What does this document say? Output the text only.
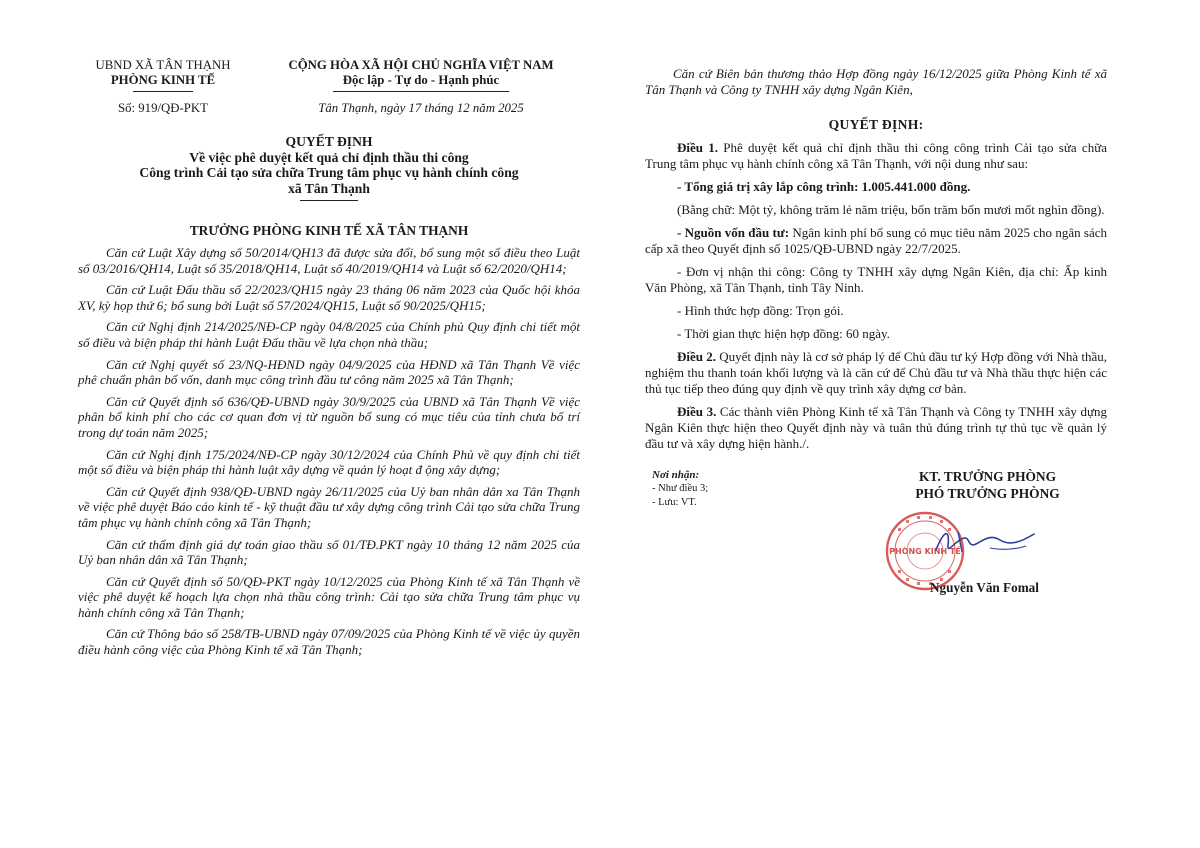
UBND XÃ TÂN THẠNH
PHÒNG KINH TẾ
Số: 919/QĐ-PKT
CỘNG HÒA XÃ HỘI CHỦ NGHĨA VIỆT NAM
Độc lập - Tự do - Hạnh phúc
Tân Thạnh, ngày 17 tháng 12 năm 2025
QUYẾT ĐỊNH
Về việc phê duyệt kết quả chỉ định thầu thi công
Công trình Cải tạo sửa chữa Trung tâm phục vụ hành chính công
xã Tân Thạnh
TRƯỞNG PHÒNG KINH TẾ XÃ TÂN THẠNH

Căn cứ Luật Xây dựng số 50/2014/QH13 đã được sửa đổi, bổ sung một số điều theo Luật số 03/2016/QH14, Luật số 35/2018/QH14, Luật số 40/2019/QH14 và Luật số 62/2020/QH14;

Căn cứ Luật Đấu thầu số 22/2023/QH15 ngày 23 tháng 06 năm 2023 của Quốc hội khóa XV, kỳ họp thứ 6; bổ sung bởi Luật số 57/2024/QH15, Luật số 90/2025/QH15;

Căn cứ Nghị định 214/2025/NĐ-CP ngày 04/8/2025 của Chính phủ Quy định chi tiết một số điều và biện pháp thi hành Luật Đấu thầu về lựa chọn nhà thầu;

Căn cứ Nghị quyết số 23/NQ-HĐND ngày 04/9/2025 của HĐND xã Tân Thạnh Về việc phê chuẩn phân bổ vốn, danh mục công trình đầu tư công năm 2025 xã Tân Thạnh;

Căn cứ Quyết định số 636/QĐ-UBND ngày 30/9/2025 của UBND xã Tân Thạnh Về việc phân bổ kinh phí cho các cơ quan đơn vị từ nguồn bổ sung có mục tiêu của tỉnh chưa bố trí trong dự toán năm 2025;

Căn cứ Nghị định 175/2024/NĐ-CP ngày 30/12/2024 của Chính Phủ về quy định chi tiết một số điều và biện pháp thi hành luật xây dựng về quản lý hoạt đ ộng xây dựng;

Căn cứ Quyết định 938/QĐ-UBND ngày 26/11/2025 của Uỷ ban nhân dân xa Tân Thạnh về việc phê duyệt Báo cáo kinh tế - kỹ thuật đầu tư xây dựng công trình Cải tạo sửa chữa Trung tâm phục vụ hành chính công xã Tân Thạnh;

Căn cứ thẩm định giá dự toán giao thầu số 01/TĐ.PKT ngày 10 tháng 12 năm 2025 của Uỷ ban nhân dân xã Tân Thạnh;

Căn cứ Quyết định số 50/QĐ-PKT ngày 10/12/2025 của Phòng Kinh tế xã Tân Thạnh về việc phê duyệt kế hoạch lựa chọn nhà thầu công trình: Cải tạo sửa chữa Trung tâm phục vụ hành chính công xã Tân Thạnh;

Căn cứ Thông báo số 258/TB-UBND ngày 07/09/2025 của Phòng Kinh tế về việc ủy quyền điều hành công việc của Phòng Kinh tế xã Tân Thạnh;

Căn cứ Biên bản thương thảo Hợp đồng ngày 16/12/2025 giữa Phòng Kinh tế xã Tân Thạnh và Công ty TNHH xây dựng Ngân Kiên,

QUYẾT ĐỊNH:

Điều 1. Phê duyệt kết quả chỉ định thầu thi công công trình Cải tạo sửa chữa Trung tâm phục vụ hành chính công xã Tân Thạnh, với nội dung như sau:

- Tổng giá trị xây lắp công trình: 1.005.441.000 đồng.

(Bằng chữ: Một tỷ, không trăm lẻ năm triệu, bốn trăm bốn mươi mốt nghìn đồng).

- Nguồn vốn đầu tư: Ngân kinh phí bổ sung có mục tiêu năm 2025 cho ngân sách cấp xã theo Quyết định số 1025/QĐ-UBND ngày 22/7/2025.

- Đơn vị nhận thi công: Công ty TNHH xây dựng Ngân Kiên, địa chỉ: Ấp kinh Văn Phòng, xã Tân Thạnh, tỉnh Tây Ninh.

- Hình thức hợp đồng: Trọn gói.

- Thời gian thực hiện hợp đồng: 60 ngày.

Điều 2. Quyết định này là cơ sở pháp lý để Chủ đầu tư ký Hợp đồng với Nhà thầu, nghiệm thu thanh toán khối lượng và là căn cứ để Chủ đầu tư và Nhà thầu thực hiện các thủ tục tiếp theo đúng quy định về quy trình xây dựng cơ bản.

Điều 3. Các thành viên Phòng Kinh tế xã Tân Thạnh và Công ty TNHH xây dựng Ngân Kiên thực hiện theo Quyết định này và tuân thủ đúng trình tự thủ tục về quản lý đầu tư và xây dựng hiện hành./.

Nơi nhận:
- Như điều 3;
- Lưu: VT.
KT. TRƯỞNG PHÒNG
PHÓ TRƯỞNG PHÒNG
PHÒNG KINH TẾ
Nguyễn Văn Fomal
